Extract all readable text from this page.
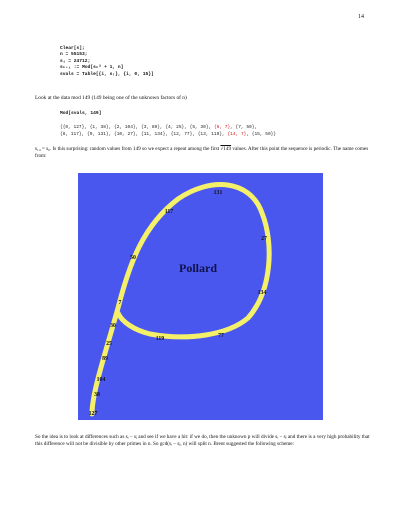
14
Clear[s];
n = 55153;
s₁ = 24712;
sₖ₊₁ := Mod[sₖ² + 1, n]
svals = Table[{i, sᵢ}, {i, 0, 15}]
Look at the data mod 149 (149 being one of the unknown factors of n)
Mod[svals, 149]
{{0, 127}, {1, 38}, {2, 104}, {3, 89}, {4, 25}, {5, 30}, {6, 7}, {7, 50},
{8, 117}, {9, 131}, {10, 27}, {11, 134}, {12, 77}, {13, 119}, {14, 7}, {15, 50}}
s₁₄ = s₆. Is this surprising: random values from 149 so we expect a repeat among the first √149 values. After this point the sequence is periodic. The name comes from:
Pollard
127
38
104
89
25
30
7
50
117
131
27
134
77
119
So the idea is to look at differences such as sᵢ − sⱼ and see if we have a hit: if we do, then the unknown p will divide sᵢ − sⱼ and there is a very high probability that this difference will not be divisible by other primes in n. So gcd(sᵢ − sⱼ, n) will split n. Brent suggested the following scheme:
